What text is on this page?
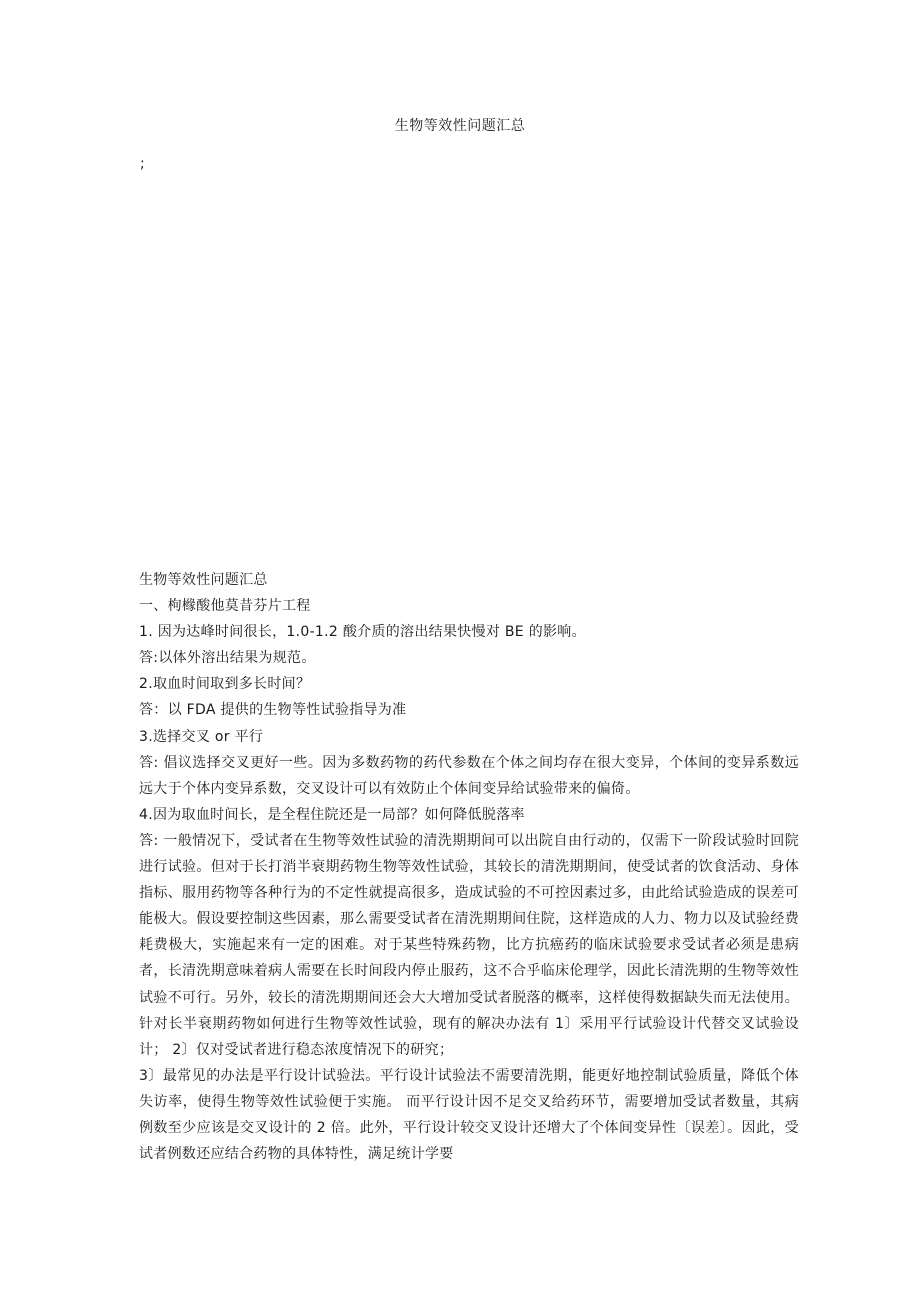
生物等效性问题汇总
;

生物等效性问题汇总

一、枸橼酸他莫昔芬片工程

1. 因为达峰时间很长，1.0-1.2 酸介质的溶出结果快慢对 BE 的影响。

答:以体外溶出结果为规范。

2.取血时间取到多长时间？

答：以 FDA 提供的生物等性试验指导为准

3.选择交叉 or 平行

答: 倡议选择交叉更好一些。因为多数药物的药代参数在个体之间均存在很大变异，个体间的变异系数远远大于个体内变异系数，交叉设计可以有效防止个体间变异给试验带来的偏倚。

4.因为取血时间长，是全程住院还是一局部？如何降低脱落率

答: 一般情况下，受试者在生物等效性试验的清洗期期间可以出院自由行动的，仅需下一阶段试验时回院进行试验。但对于长打消半衰期药物生物等效性试验，其较长的清洗期期间，使受试者的饮食活动、身体指标、服用药物等各种行为的不定性就提高很多，造成试验的不可控因素过多，由此给试验造成的误差可能极大。假设要控制这些因素，那么需要受试者在清洗期期间住院，这样造成的人力、物力以及试验经费耗费极大，实施起来有一定的困难。对于某些特殊药物，比方抗癌药的临床试验要求受试者必须是患病者，长清洗期意味着病人需要在长时间段内停止服药，这不合乎临床伦理学，因此长清洗期的生物等效性试验不可行。另外，较长的清洗期期间还会大大增加受试者脱落的概率，这样使得数据缺失而无法使用。针对长半衰期药物如何进行生物等效性试验，现有的解决办法有 1〕采用平行试验设计代替交叉试验设计； 2〕仅对受试者进行稳态浓度情况下的研究；

3〕最常见的办法是平行设计试验法。平行设计试验法不需要清洗期，能更好地控制试验质量，降低个体失访率，使得生物等效性试验便于实施。 而平行设计因不足交叉给药环节，需要增加受试者数量，其病例数至少应该是交叉设计的 2 倍。此外，平行设计较交叉设计还增大了个体间变异性〔误差〕。因此，受试者例数还应结合药物的具体特性，满足统计学要
